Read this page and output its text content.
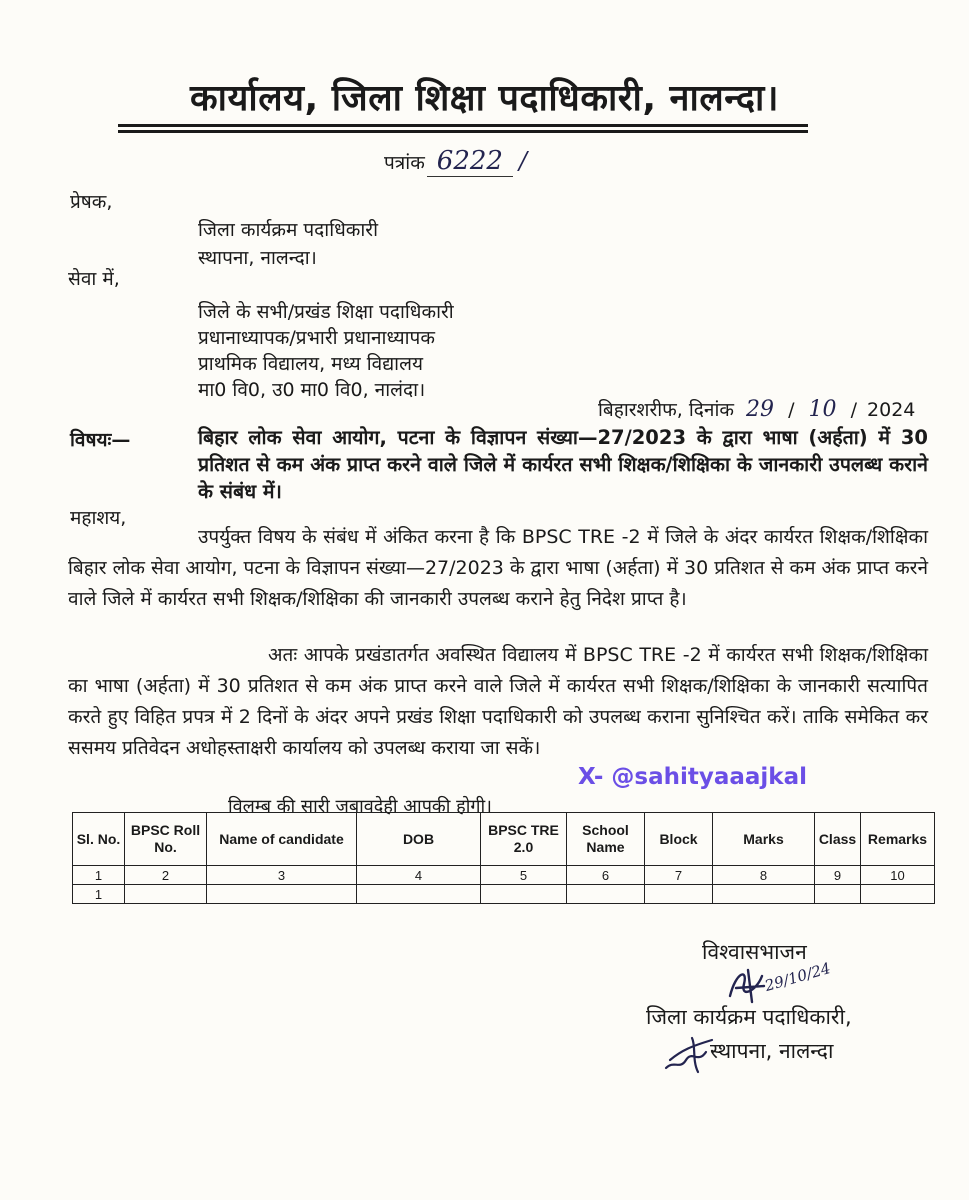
कार्यालय, जिला शिक्षा पदाधिकारी, नालन्दा।
पत्रांक 6222 /
प्रेषक,
जिला कार्यक्रम पदाधिकारी
स्थापना, नालन्दा।
सेवा में,
जिले के सभी/प्रखंड शिक्षा पदाधिकारी
प्रधानाध्यापक/प्रभारी प्रधानाध्यापक
प्राथमिक विद्यालय, मध्य विद्यालय
मा0 वि0, उ0 मा0 वि0, नालंदा।
बिहारशरीफ, दिनांक 29 / 10 / 2024
विषयः—	बिहार लोक सेवा आयोग, पटना के विज्ञापन संख्या—27/2023 के द्वारा भाषा (अर्हता) में 30 प्रतिशत से कम अंक प्राप्त करने वाले जिले में कार्यरत सभी शिक्षक/शिक्षिका के जानकारी उपलब्ध कराने के संबंध में।
महाशय,
उपर्युक्त विषय के संबंध में अंकित करना है कि BPSC TRE -2 में जिले के अंदर कार्यरत शिक्षक/शिक्षिका बिहार लोक सेवा आयोग, पटना के विज्ञापन संख्या—27/2023 के द्वारा भाषा (अर्हता) में 30 प्रतिशत से कम अंक प्राप्त करने वाले जिले में कार्यरत सभी शिक्षक/शिक्षिका की जानकारी उपलब्ध कराने हेतु निदेश प्राप्त है।
अतः आपके प्रखंडातर्गत अवस्थित विद्यालय में BPSC TRE -2 में कार्यरत सभी शिक्षक/शिक्षिका का भाषा (अर्हता) में 30 प्रतिशत से कम अंक प्राप्त करने वाले जिले में कार्यरत सभी शिक्षक/शिक्षिका के जानकारी सत्यापित करते हुए विहित प्रपत्र में 2 दिनों के अंदर अपने प्रखंड शिक्षा पदाधिकारी को उपलब्ध कराना सुनिश्चित करें। ताकि समेकित कर ससमय प्रतिवेदन अधोहस्ताक्षरी कार्यालय को उपलब्ध कराया जा सकें।
X- @sahityaaajkal
विलम्ब की सारी जबावदेही आपकी होगी।
Sl. No.	BPSC Roll No.	Name of candidate	DOB	BPSC TRE 2.0	School Name	Block	Marks	Class	Remarks
1	2	3	4	5	6	7	8	9	10
1									
विश्वासभाजन
29/10/24
जिला कार्यक्रम पदाधिकारी,
स्थापना, नालन्दा
